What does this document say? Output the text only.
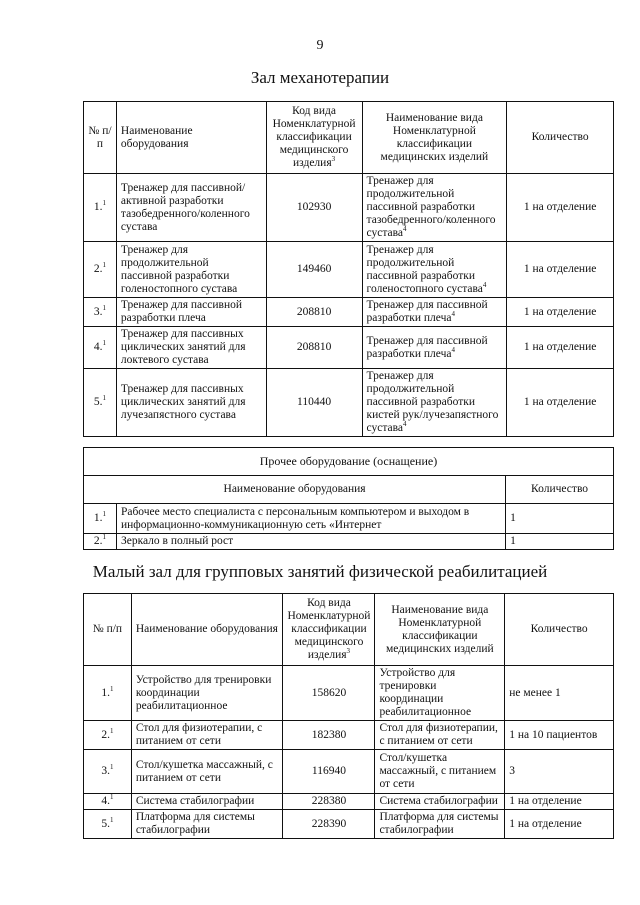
9
Зал механотерапии
№ п/п	Наименование оборудования	Код вида Номенклатурной классификации медицинского изделия$^3$	Наименование вида Номенклатурной классификации медицинских изделий	Количество
1.$^1$	Тренажер для пассивной/активной разработки тазобедренного/коленного сустава	102930	Тренажер для продолжительной пассивной разработки тазобедренного/коленного сустава$^4$	1 на отделение
2.$^1$	Тренажер для продолжительной пассивной разработки голеностопного сустава	149460	Тренажер для продолжительной пассивной разработки голеностопного сустава$^4$	1 на отделение
3.$^1$	Тренажер для пассивной разработки плеча	208810	Тренажер для пассивной разработки плеча$^4$	1 на отделение
4.$^1$	Тренажер для пассивных циклических занятий для локтевого сустава	208810	Тренажер для пассивной разработки плеча$^4$	1 на отделение
5.$^1$	Тренажер для пассивных циклических занятий для лучезапястного сустава	110440	Тренажер для продолжительной пассивной разработки кистей рук/лучезапястного сустава$^4$	1 на отделение
Прочее оборудование (оснащение)		
Наименование оборудования		Количество
1.$^1$	Рабочее место специалиста с персональным компьютером и выходом в информационно-коммуникационную сеть «Интернет	1
2.$^1$	Зеркало в полный рост	1
Малый зал для групповых занятий физической реабилитацией
№ п/п	Наименование оборудования	Код вида Номенклатурной классификации медицинского изделия$^3$	Наименование вида Номенклатурной классификации медицинских изделий	Количество
1.$^1$	Устройство для тренировки координации реабилитационное	158620	Устройство для тренировки координации реабилитационное	не менее 1
2.$^1$	Стол для физиотерапии, с питанием от сети	182380	Стол для физиотерапии, с питанием от сети	1 на 10 пациентов
3.$^1$	Стол/кушетка массажный, с питанием от сети	116940	Стол/кушетка массажный, с питанием от сети	3
4.$^1$	Система стабилографии	228380	Система стабилографии	1 на отделение
5.$^1$	Платформа для системы стабилографии	228390	Платформа для системы стабилографии	1 на отделение
